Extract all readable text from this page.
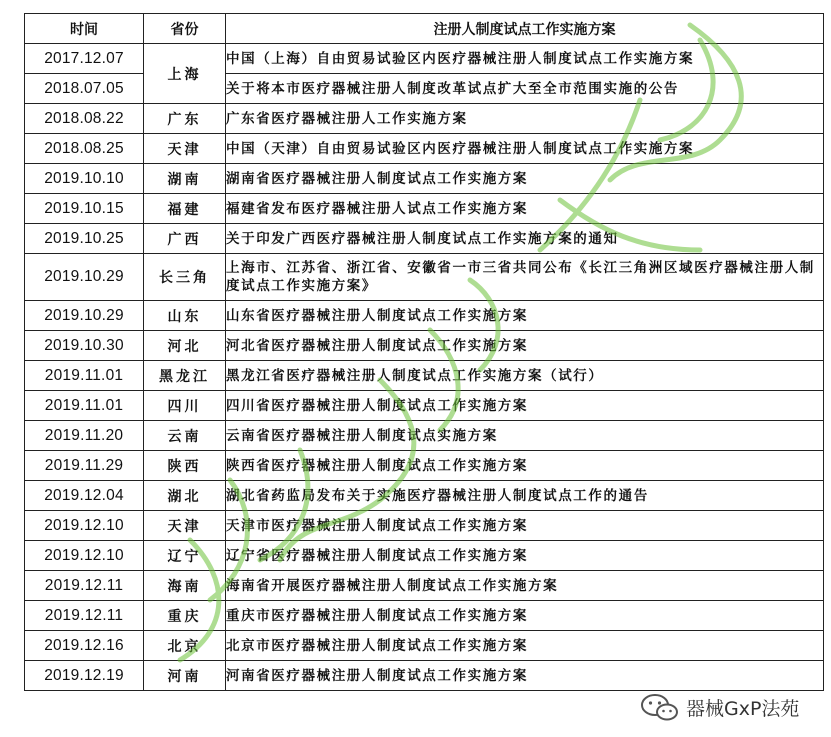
时间	省份	注册人制度试点工作实施方案
2017.12.07	上海	中国（上海）自由贸易试验区内医疗器械注册人制度试点工作实施方案
2018.07.05		关于将本市医疗器械注册人制度改革试点扩大至全市范围实施的公告
2018.08.22	广东	广东省医疗器械注册人工作实施方案
2018.08.25	天津	中国（天津）自由贸易试验区内医疗器械注册人制度试点工作实施方案
2019.10.10	湖南	湖南省医疗器械注册人制度试点工作实施方案
2019.10.15	福建	福建省发布医疗器械注册人试点工作实施方案
2019.10.25	广西	关于印发广西医疗器械注册人制度试点工作实施方案的通知
2019.10.29	长三角	上海市、江苏省、浙江省、安徽省一市三省共同公布《长江三角洲区域医疗器械注册人制度试点工作实施方案》
2019.10.29	山东	山东省医疗器械注册人制度试点工作实施方案
2019.10.30	河北	河北省医疗器械注册人制度试点工作实施方案
2019.11.01	黑龙江	黑龙江省医疗器械注册人制度试点工作实施方案（试行）
2019.11.01	四川	四川省医疗器械注册人制度试点工作实施方案
2019.11.20	云南	云南省医疗器械注册人制度试点实施方案
2019.11.29	陕西	陕西省医疗器械注册人制度试点工作实施方案
2019.12.04	湖北	湖北省药监局发布关于实施医疗器械注册人制度试点工作的通告
2019.12.10	天津	天津市医疗器械注册人制度试点工作实施方案
2019.12.10	辽宁	辽宁省医疗器械注册人制度试点工作实施方案
2019.12.11	海南	海南省开展医疗器械注册人制度试点工作实施方案
2019.12.11	重庆	重庆市医疗器械注册人制度试点工作实施方案
2019.12.16	北京	北京市医疗器械注册人制度试点工作实施方案
2019.12.19	河南	河南省医疗器械注册人制度试点工作实施方案
器械GxP法苑
